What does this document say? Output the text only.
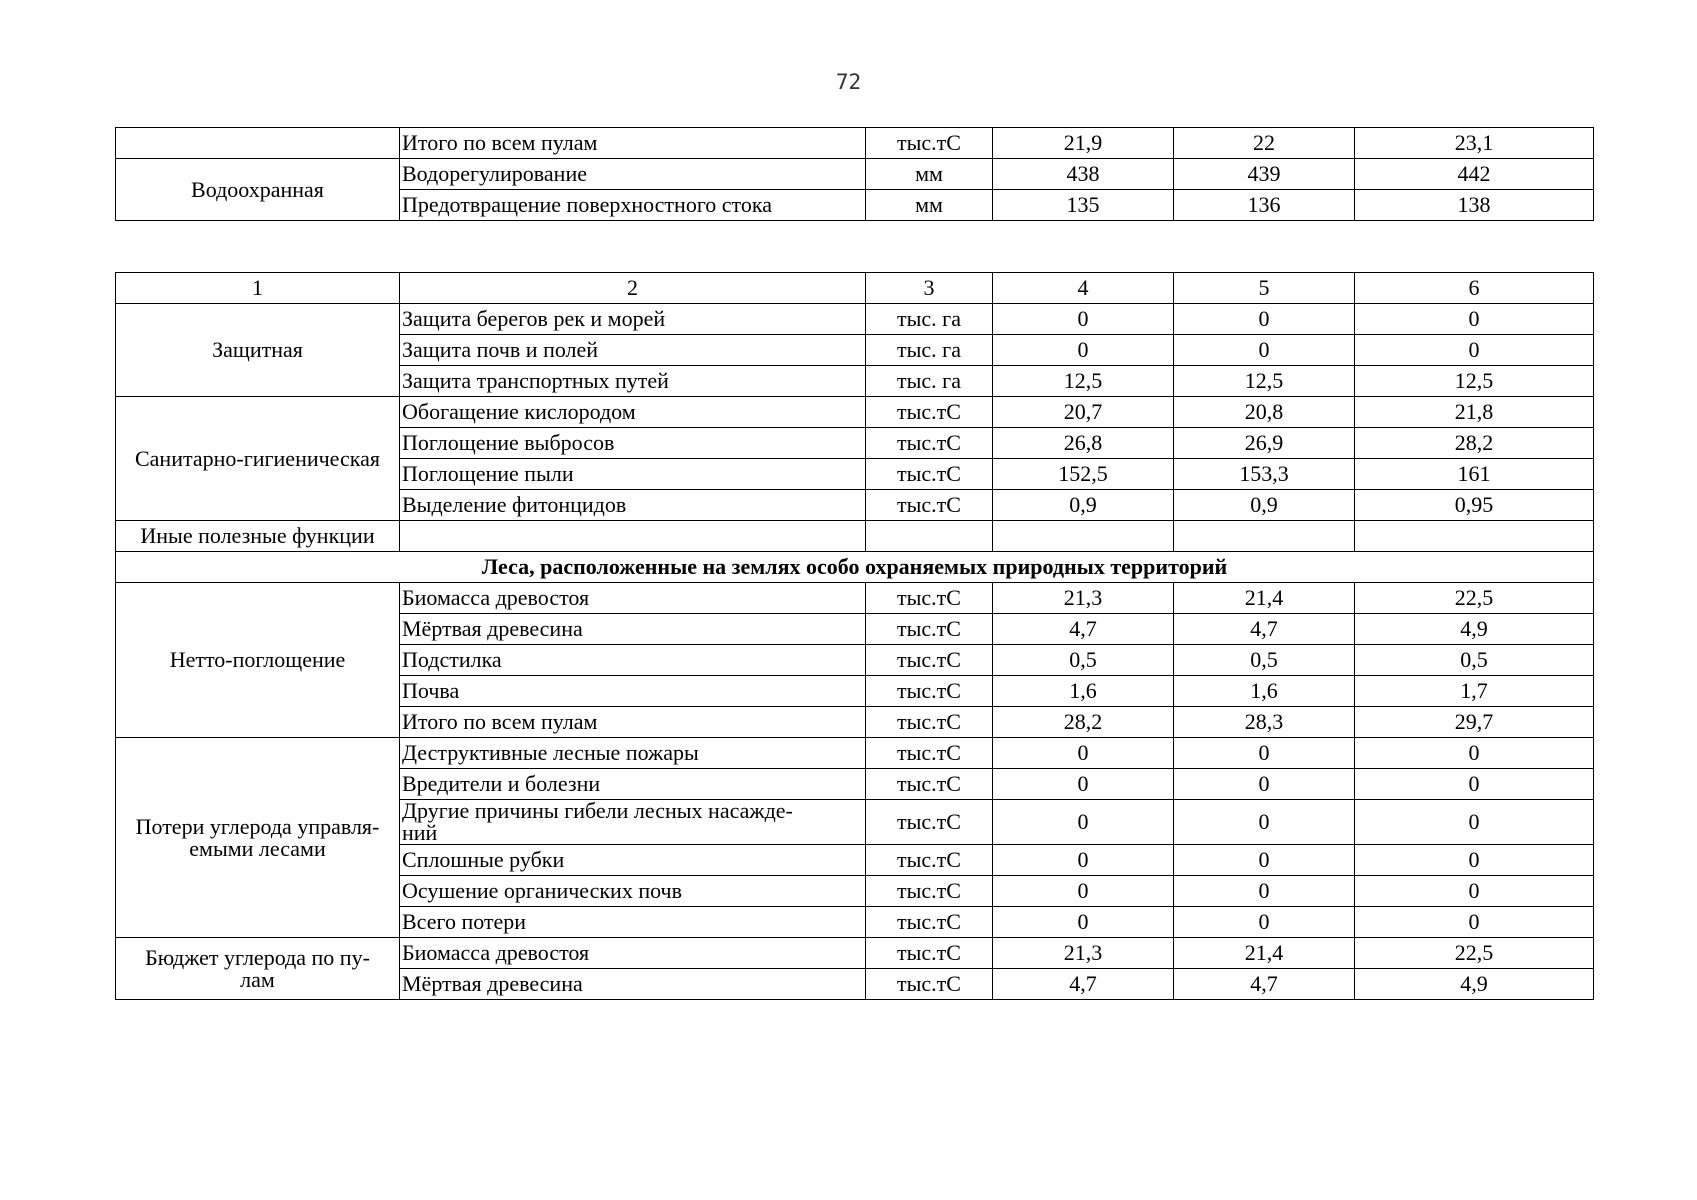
72
	Итого по всем пулам	тыс.тС	21,9	22	23,1
Водоохранная	Водорегулирование	мм	438	439	442
	Предотвращение поверхностного стока	мм	135	136	138
1	2	3	4	5	6
Защитная	Защита берегов рек и морей	тыс. га	0	0	0
	Защита почв и полей	тыс. га	0	0	0
	Защита транспортных путей	тыс. га	12,5	12,5	12,5
Санитарно-гигиеническая	Обогащение кислородом	тыс.тС	20,7	20,8	21,8
	Поглощение выбросов	тыс.тС	26,8	26,9	28,2
	Поглощение пыли	тыс.тС	152,5	153,3	161
	Выделение фитонцидов	тыс.тС	0,9	0,9	0,95
Иные полезные функции					
Леса, расположенные на землях особо охраняемых природных территорий					
Нетто-поглощение	Биомасса древостоя	тыс.тС	21,3	21,4	22,5
	Мёртвая древесина	тыс.тС	4,7	4,7	4,9
	Подстилка	тыс.тС	0,5	0,5	0,5
	Почва	тыс.тС	1,6	1,6	1,7
	Итого по всем пулам	тыс.тС	28,2	28,3	29,7
Потери углерода управля-
емыми лесами	Деструктивные лесные пожары	тыс.тС	0	0	0
	Вредители и болезни	тыс.тС	0	0	0
	Другие причины гибели лесных насажде-
ний	тыс.тС	0	0	0
	Сплошные рубки	тыс.тС	0	0	0
	Осушение органических почв	тыс.тС	0	0	0
	Всего потери	тыс.тС	0	0	0
Бюджет углерода по пу-
лам	Биомасса древостоя	тыс.тС	21,3	21,4	22,5
	Мёртвая древесина	тыс.тС	4,7	4,7	4,9
